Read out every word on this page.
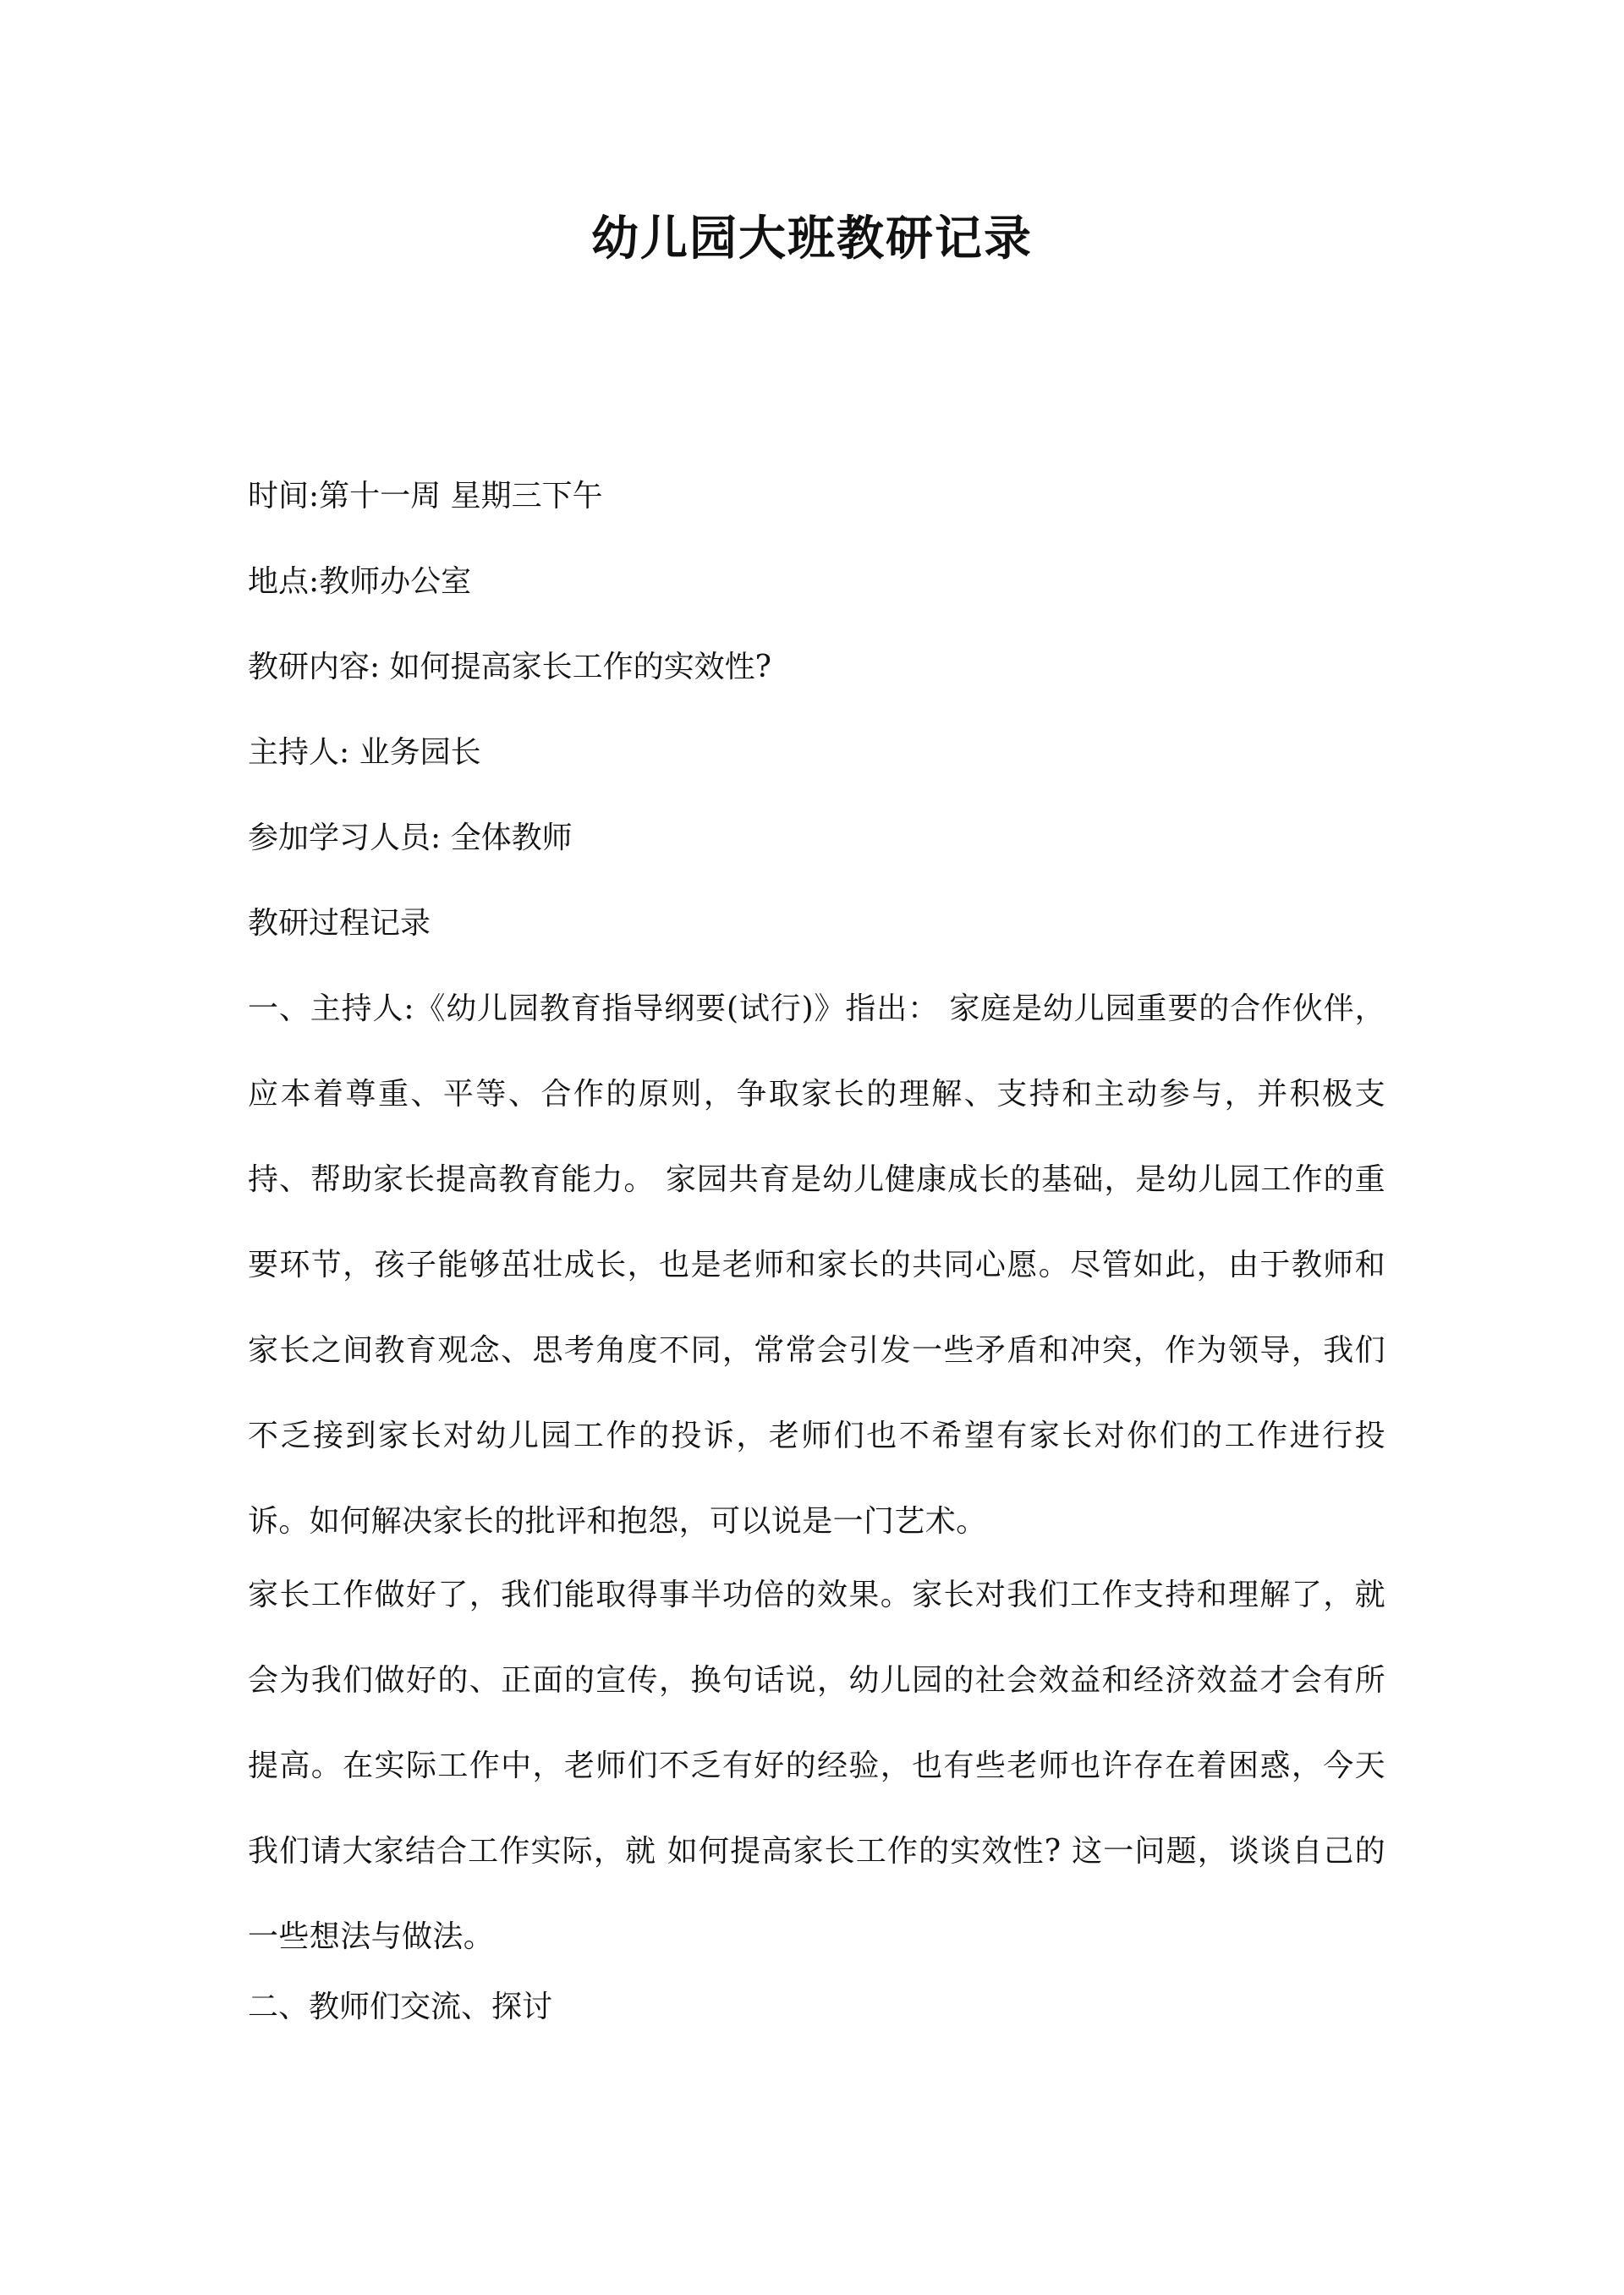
幼儿园大班教研记录
时间:第十一周 星期三下午
地点:教师办公室
教研内容: 如何提高家长工作的实效性?
主持人: 业务园长
参加学习人员: 全体教师
教研过程记录
一、主持人:《幼儿园教育指导纲要(试行)》指出： 家庭是幼儿园重要的合作伙伴，应本着尊重、平等、合作的原则，争取家长的理解、支持和主动参与，并积极支持、帮助家长提高教育能力。 家园共育是幼儿健康成长的基础，是幼儿园工作的重要环节，孩子能够茁壮成长，也是老师和家长的共同心愿。尽管如此，由于教师和家长之间教育观念、思考角度不同，常常会引发一些矛盾和冲突，作为领导，我们不乏接到家长对幼儿园工作的投诉，老师们也不希望有家长对你们的工作进行投诉。如何解决家长的批评和抱怨，可以说是一门艺术。
家长工作做好了，我们能取得事半功倍的效果。家长对我们工作支持和理解了，就会为我们做好的、正面的宣传，换句话说，幼儿园的社会效益和经济效益才会有所提高。在实际工作中，老师们不乏有好的经验，也有些老师也许存在着困惑，今天我们请大家结合工作实际，就 如何提高家长工作的实效性? 这一问题，谈谈自己的一些想法与做法。
二、教师们交流、探讨
